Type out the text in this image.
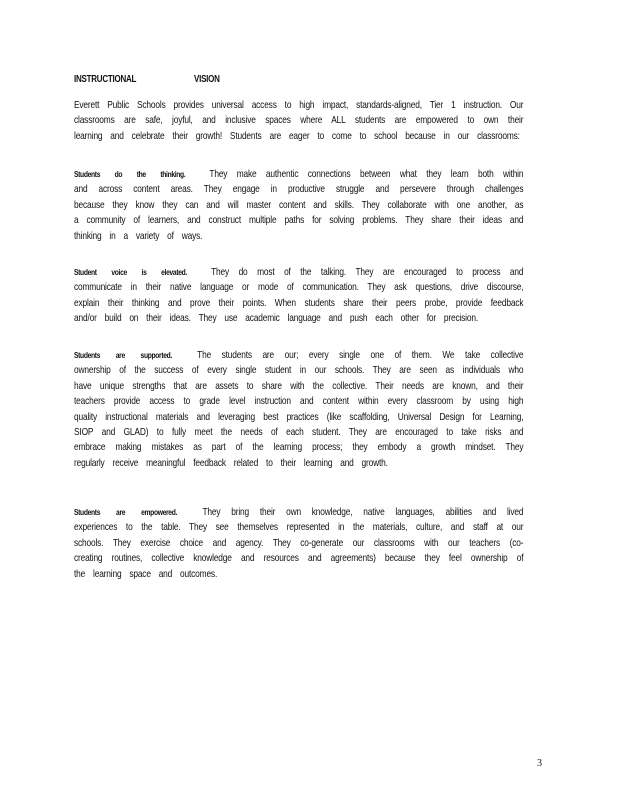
INSTRUCTIONAL	VISION

Everett Public Schools provides universal access to high impact, standards-aligned, Tier 1 instruction. Our classrooms are safe, joyful, and inclusive spaces where ALL students are empowered to own their learning and celebrate their growth! Students are eager to come to school because in our classrooms:

Students do the thinking. They make authentic connections between what they learn both within and across content areas. They engage in productive struggle and persevere through challenges because they know they can and will master content and skills. They collaborate with one another, as a community of learners, and construct multiple paths for solving problems. They share their ideas and thinking in a variety of ways.

Student voice is elevated. They do most of the talking. They are encouraged to process and communicate in their native language or mode of communication. They ask questions, drive discourse, explain their thinking and prove their points. When students share their peers probe, provide feedback and/or build on their ideas. They use academic language and push each other for precision.

Students are supported. The students are our; every single one of them. We take collective ownership of the success of every single student in our schools. They are seen as individuals who have unique strengths that are assets to share with the collective. Their needs are known, and their teachers provide access to grade level instruction and content within every classroom by using high quality instructional materials and leveraging best practices (like scaffolding, Universal Design for Learning, SIOP and GLAD) to fully meet the needs of each student. They are encouraged to take risks and embrace making mistakes as part of the learning process; they embody a growth mindset. They regularly receive meaningful feedback related to their learning and growth.

Students are empowered. They bring their own knowledge, native languages, abilities and lived experiences to the table. They see themselves represented in the materials, culture, and staff at our schools. They exercise choice and agency. They co-generate our classrooms with our teachers (co-creating routines, collective knowledge and resources and agreements) because they feel ownership of the learning space and outcomes.

3
